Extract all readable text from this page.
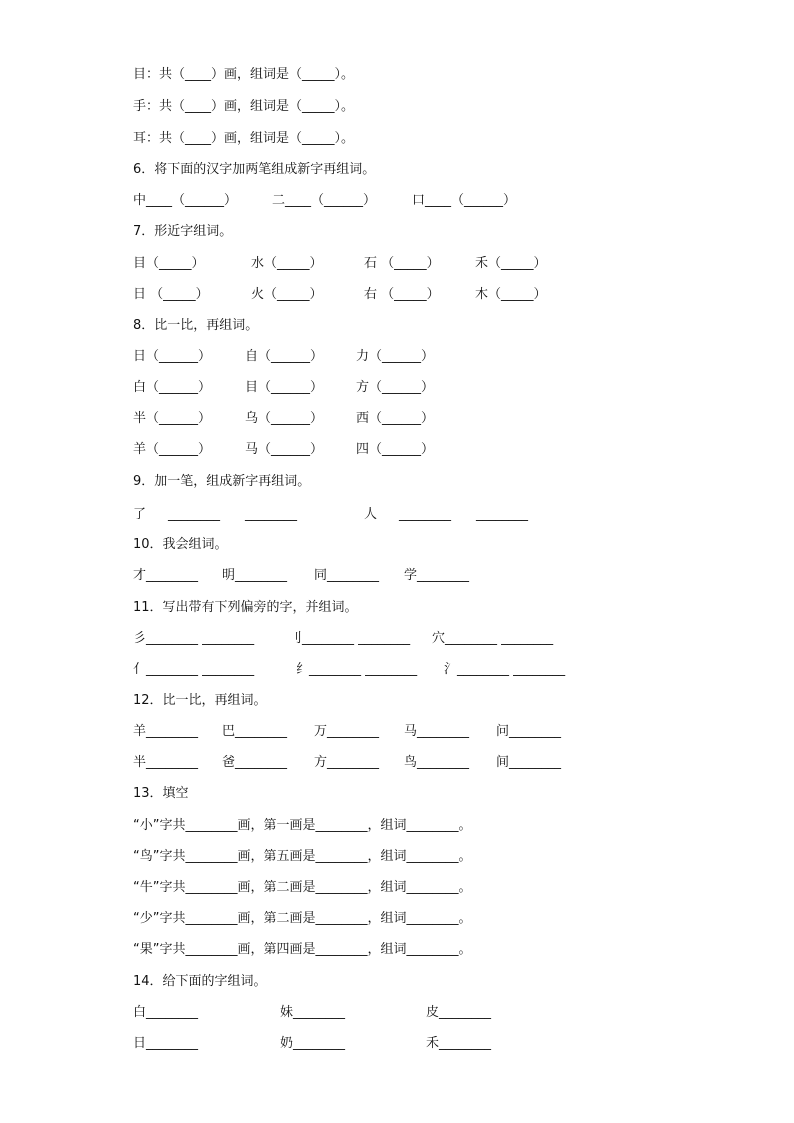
目：共（____）画，组词是（_____）。
手：共（____）画，组词是（_____）。
耳：共（____）画，组词是（_____）。
6．将下面的汉字加两笔组成新字再组词。
中____（______）	二____（______）	口____（______）
7．形近字组词。
目（_____）	水（_____）	石 （_____）	禾（_____）
日 （_____）	火（_____）	右 （_____）	木（_____）
8．比一比，再组词。
日（______）	自（______）	力（______）
白（______）	目（______）	方（______）
半（______）	乌（______）	西（______）
羊（______）	马（______）	四（______）
9．加一笔，组成新字再组词。
了 ________ ________	人 ________ ________
10．我会组词。
才________ 明________ 同________ 学________
11．写出带有下列偏旁的字，并组词。
彡________ ________	刂________ ________ 穴________ ________
亻________ ________	纟________ ________ 氵________ ________
12．比一比，再组词。
羊________ 巴________ 万________ 马________ 问________
半________ 爸________ 方________ 鸟________ 间________
13．填空
“小”字共________画，第一画是________，组词________。
“鸟”字共________画，第五画是________，组词________。
“牛”字共________画，第二画是________，组词________。
“少”字共________画，第二画是________，组词________。
“果”字共________画，第四画是________，组词________。
14．给下面的字组词。
白________	妹________	皮________
日________	奶________	禾________
